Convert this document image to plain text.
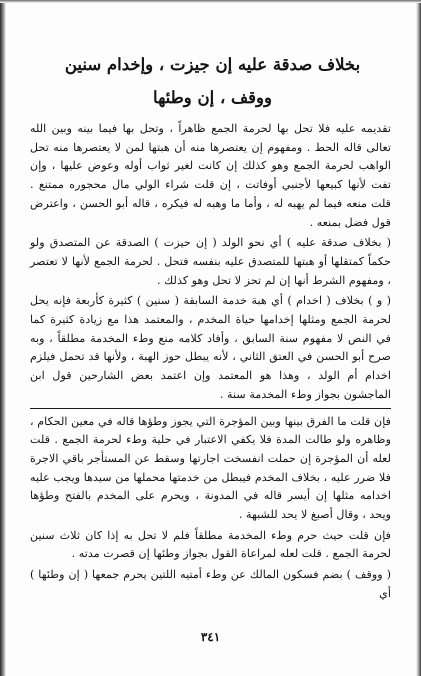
بخلاف صدقة عليه إن جيزت ، وإخدام سنين
ووقف ، إن وطئها

تقديمه عليه فلا تحل بها لحرمة الجمع ظاهراً ، وتحل بها فيما بينه وبين الله تعالى قاله الحط . ومفهوم إن يعتصرها منه أن هبتها لمن لا يعتصرها منه تحل الواهب لحرمة الجمع وهو كذلك إن كانت لغير ثواب أوله وعوض عليها ، وإن تفت لأنها كبيعها لأجنبي أوفاتت ، إن قلت شراء الولي مال محجوره ممتنع . قلت منعه فيما لم يهبه له ، وأما ما وهبه له فيكره ، قاله أبو الحسن ، واعترض قول فضل بمنعه .

( بخلاف صدقة عليه ) أي نحو الولد ( إن حيزت ) الصدقة عن المتصدق ولو حكماً كمتقلها أو هبتها للمتصدق عليه بنفسه فتحل . لحرمة الجمع لأنها لا تعتصر ، ومفهوم الشرط أنها إن لم تحز لا تحل وهو كذلك .

( و ) بخلاف ( اخدام ) أي هبة خدمة السابقة ( سنين ) كثيرة كأربعة فإنه يحل لحرمة الجمع ومثلها إخدامها حياة المخدم ، والمعتمد هذا مع زيادة كثيرة كما في النص لا مفهوم سنة السابق ، وأفاد كلامه منع وطء المخدمة مطلقاً ، وبه صرح أبو الحسن في العتق الثاني ، لأنه يبطل حوز الهبة ، ولأنها قد تحمل فيلزم اخدام أم الولد ، وهذا هو المعتمد وإن اعتمد بعض الشارحين قول ابن الماجشون بجواز وطء المخدمة سنة .

فإن قلت ما الفرق بينها وبين المؤجرة التي يجوز وطؤها قاله في معين الحكام ، وظاهره ولو طالت المدة فلا يكفي الاعتبار في حلية وطء لحرمة الجمع . قلت لعله أن المؤجرة إن حملت انفسخت اجارتها وسقط عن المستأجر باقي الاجرة فلا ضرر عليه ، بخلاف المخدم فيبطل من خدمتها محملها من سيدها ويجب عليه اخدامه مثلها إن أيسر قاله في المدونة ، ويحرم على المخدم بالفتح وطؤها ويحد ، وقال أصبغ لا يحد للشبهة .

فإن قلت حيث حرم وطء المخدمة مطلقاً فلم لا تحل به إذا كان ثلاث سنين لحرمة الجمع . قلت لعله لمراعاة القول بجواز وطئها إن قصرت مدته .

( ووقف ) بضم فسكون المالك عن وطء أمتيه اللتين يحرم جمعها ( إن وطئها ) أي

٣٤١
